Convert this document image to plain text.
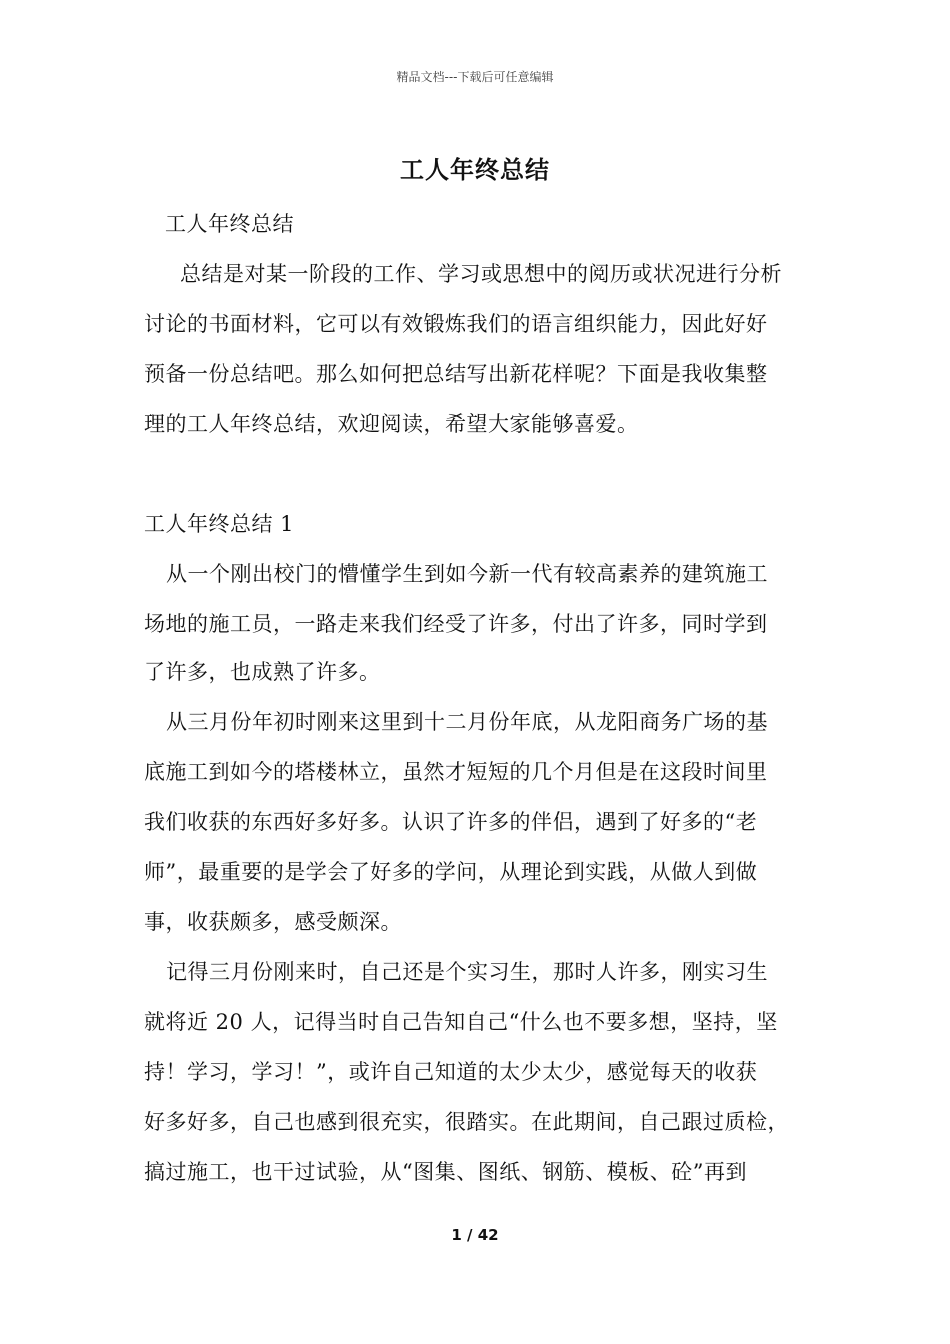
精品文档---下载后可任意编辑
工人年终总结
工人年终总结
总结是对某一阶段的工作、学习或思想中的阅历或状况进行分析
讨论的书面材料，它可以有效锻炼我们的语言组织能力，因此好好
预备一份总结吧。那么如何把总结写出新花样呢？下面是我收集整
理的工人年终总结，欢迎阅读，希望大家能够喜爱。
工人年终总结 1
从一个刚出校门的懵懂学生到如今新一代有较高素养的建筑施工
场地的施工员，一路走来我们经受了许多，付出了许多，同时学到
了许多，也成熟了许多。
从三月份年初时刚来这里到十二月份年底，从龙阳商务广场的基
底施工到如今的塔楼林立，虽然才短短的几个月但是在这段时间里
我们收获的东西好多好多。认识了许多的伴侣，遇到了好多的“老
师”，最重要的是学会了好多的学问，从理论到实践，从做人到做
事，收获颇多，感受颇深。
记得三月份刚来时，自己还是个实习生，那时人许多，刚实习生
就将近 20 人，记得当时自己告知自己“什么也不要多想，坚持，坚
持！学习，学习！”，或许自己知道的太少太少，感觉每天的收获
好多好多，自己也感到很充实，很踏实。在此期间，自己跟过质检，
搞过施工，也干过试验，从“图集、图纸、钢筋、模板、砼”再到
1 / 42
